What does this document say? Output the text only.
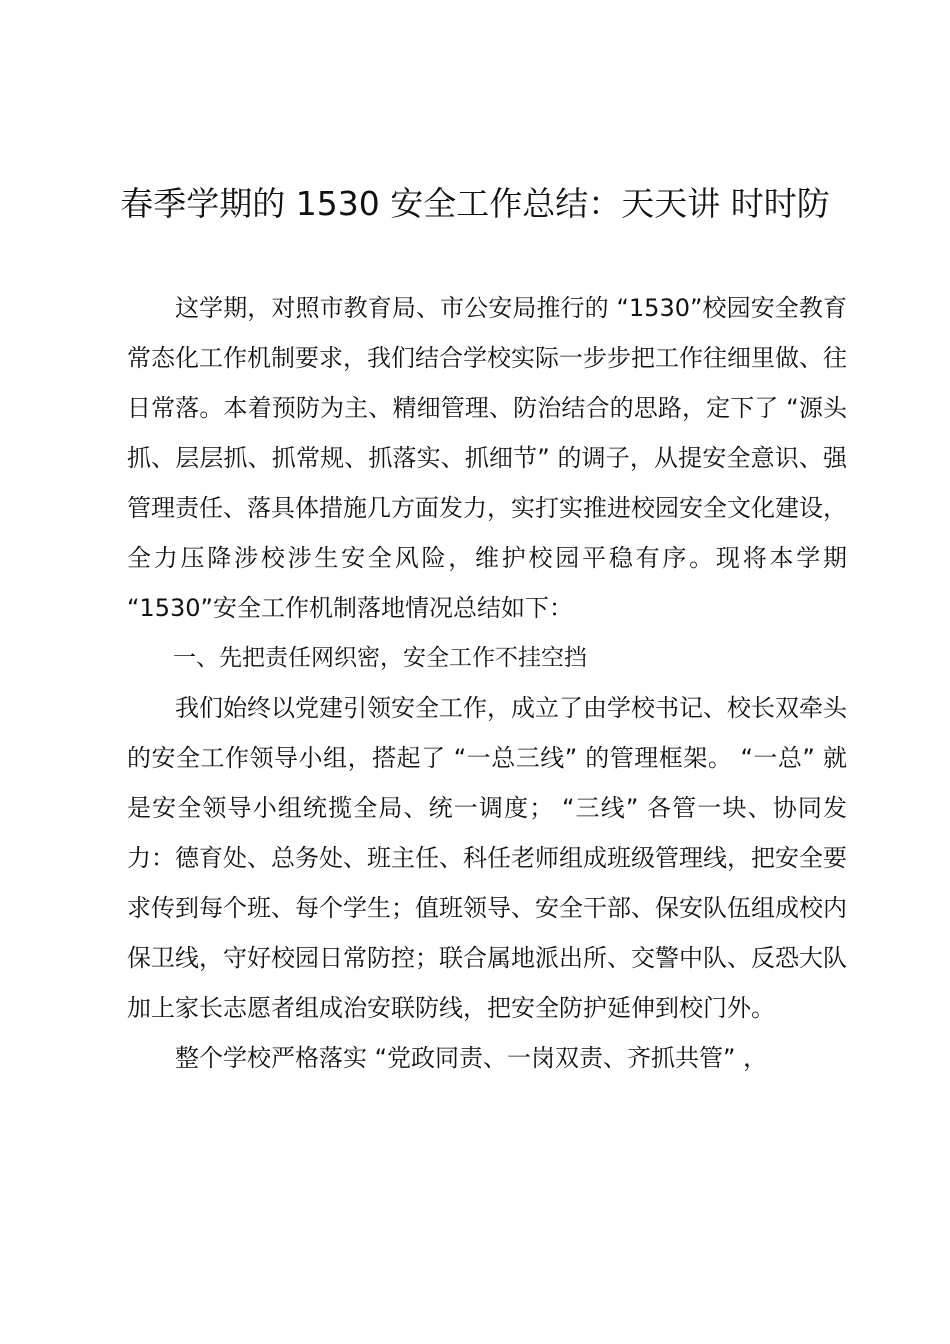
春季学期的 1530 安全工作总结：天天讲 时时防

这学期，对照市教育局、市公安局推行的 “1530”校园安全教育常态化工作机制要求，我们结合学校实际一步步把工作往细里做、往日常落。本着预防为主、精细管理、防治结合的思路，定下了 “源头抓、层层抓、抓常规、抓落实、抓细节” 的调子，从提安全意识、强管理责任、落具体措施几方面发力，实打实推进校园安全文化建设，全力压降涉校涉生安全风险，维护校园平稳有序。现将本学期 “1530”安全工作机制落地情况总结如下：

一、先把责任网织密，安全工作不挂空挡

我们始终以党建引领安全工作，成立了由学校书记、校长双牵头的安全工作领导小组，搭起了 “一总三线” 的管理框架。 “一总” 就是安全领导小组统揽全局、统一调度； “三线” 各管一块、协同发力：德育处、总务处、班主任、科任老师组成班级管理线，把安全要求传到每个班、每个学生；值班领导、安全干部、保安队伍组成校内保卫线，守好校园日常防控；联合属地派出所、交警中队、反恐大队加上家长志愿者组成治安联防线，把安全防护延伸到校门外。

整个学校严格落实 “党政同责、一岗双责、齐抓共管” ，
